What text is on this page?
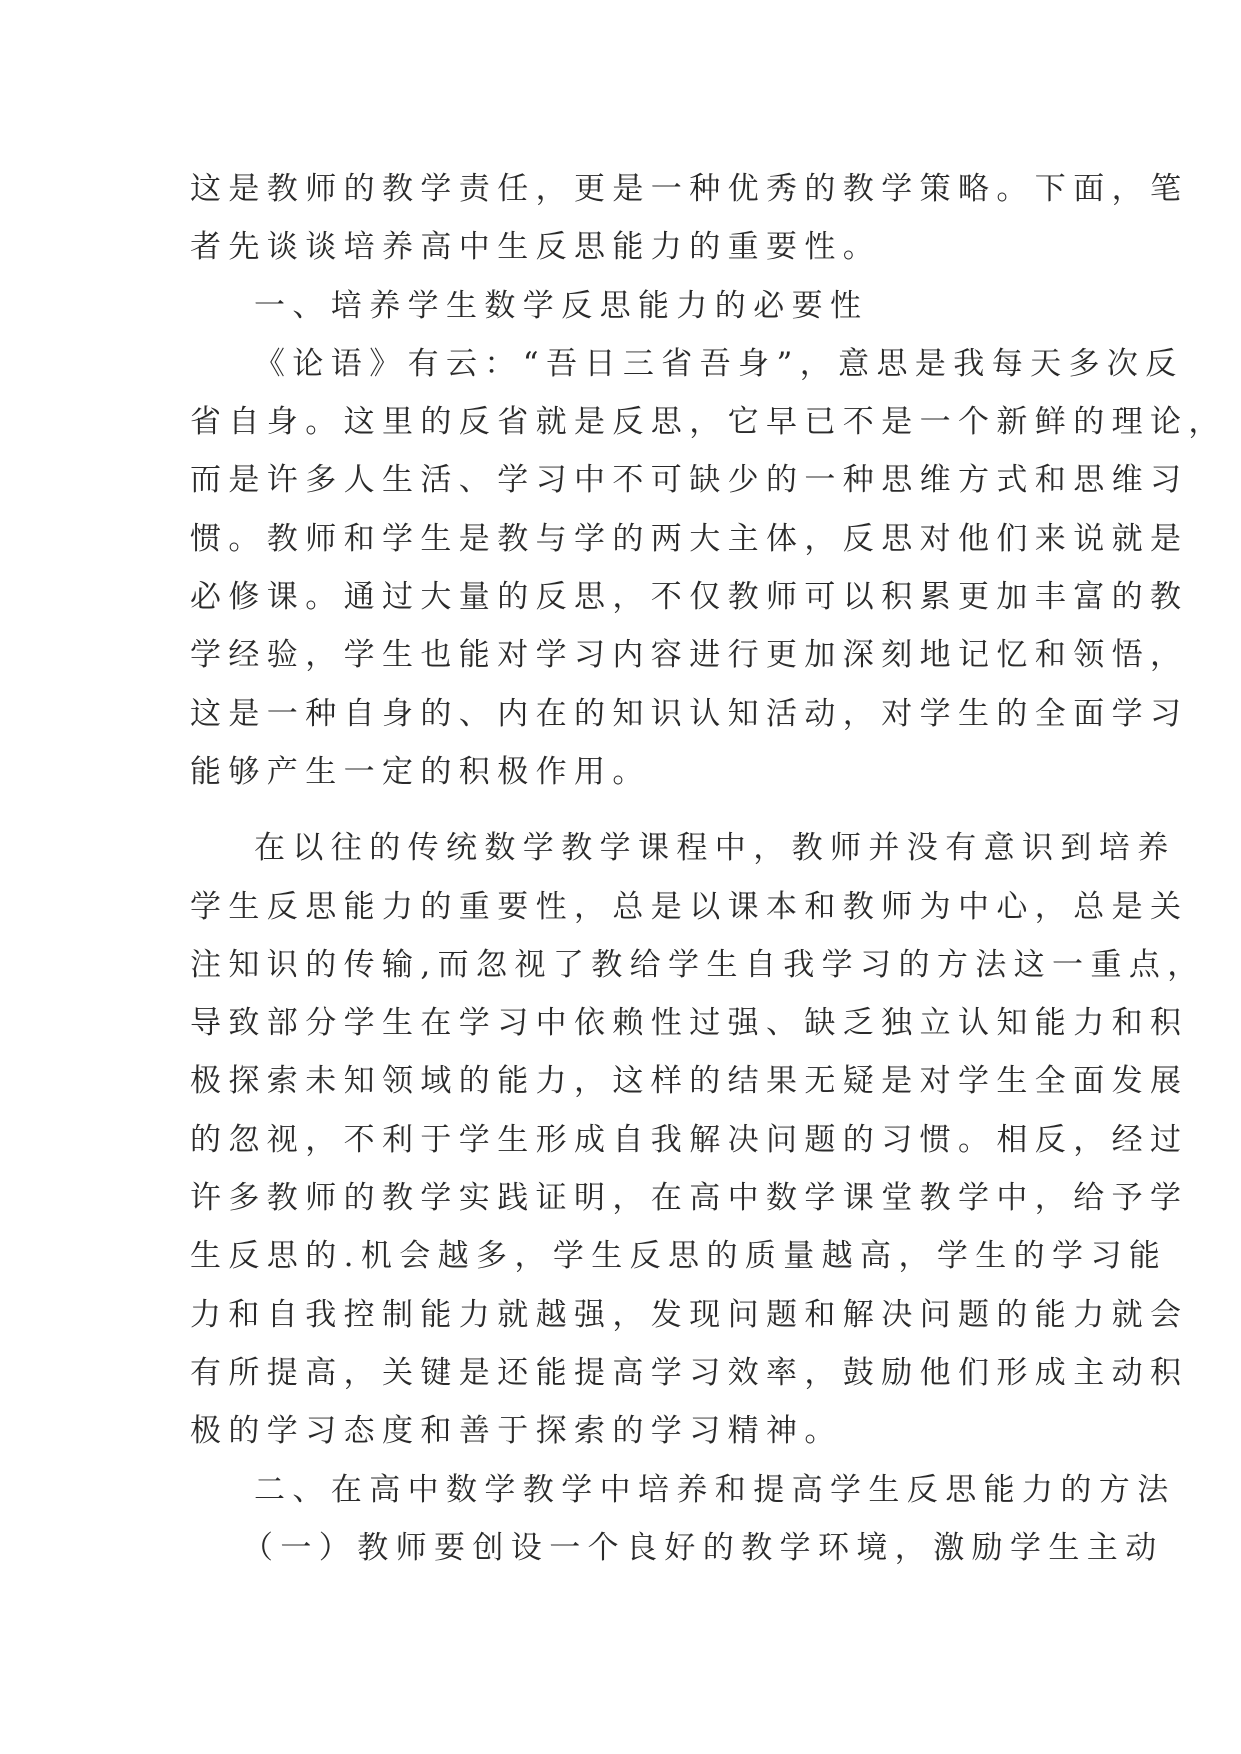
这是教师的教学责任，更是一种优秀的教学策略。下面，笔
者先谈谈培养高中生反思能力的重要性。
一、培养学生数学反思能力的必要性
《论语》有云：“吾日三省吾身”，意思是我每天多次反
省自身。这里的反省就是反思，它早已不是一个新鲜的理论，
而是许多人生活、学习中不可缺少的一种思维方式和思维习
惯。教师和学生是教与学的两大主体，反思对他们来说就是
必修课。通过大量的反思，不仅教师可以积累更加丰富的教
学经验，学生也能对学习内容进行更加深刻地记忆和领悟，
这是一种自身的、内在的知识认知活动，对学生的全面学习
能够产生一定的积极作用。
在以往的传统数学教学课程中，教师并没有意识到培养
学生反思能力的重要性，总是以课本和教师为中心，总是关
注知识的传输,而忽视了教给学生自我学习的方法这一重点，
导致部分学生在学习中依赖性过强、缺乏独立认知能力和积
极探索未知领域的能力，这样的结果无疑是对学生全面发展
的忽视，不利于学生形成自我解决问题的习惯。相反，经过
许多教师的教学实践证明，在高中数学课堂教学中，给予学
生反思的.机会越多，学生反思的质量越高，学生的学习能
力和自我控制能力就越强，发现问题和解决问题的能力就会
有所提高，关键是还能提高学习效率，鼓励他们形成主动积
极的学习态度和善于探索的学习精神。
二、在高中数学教学中培养和提高学生反思能力的方法
（一）教师要创设一个良好的教学环境，激励学生主动
